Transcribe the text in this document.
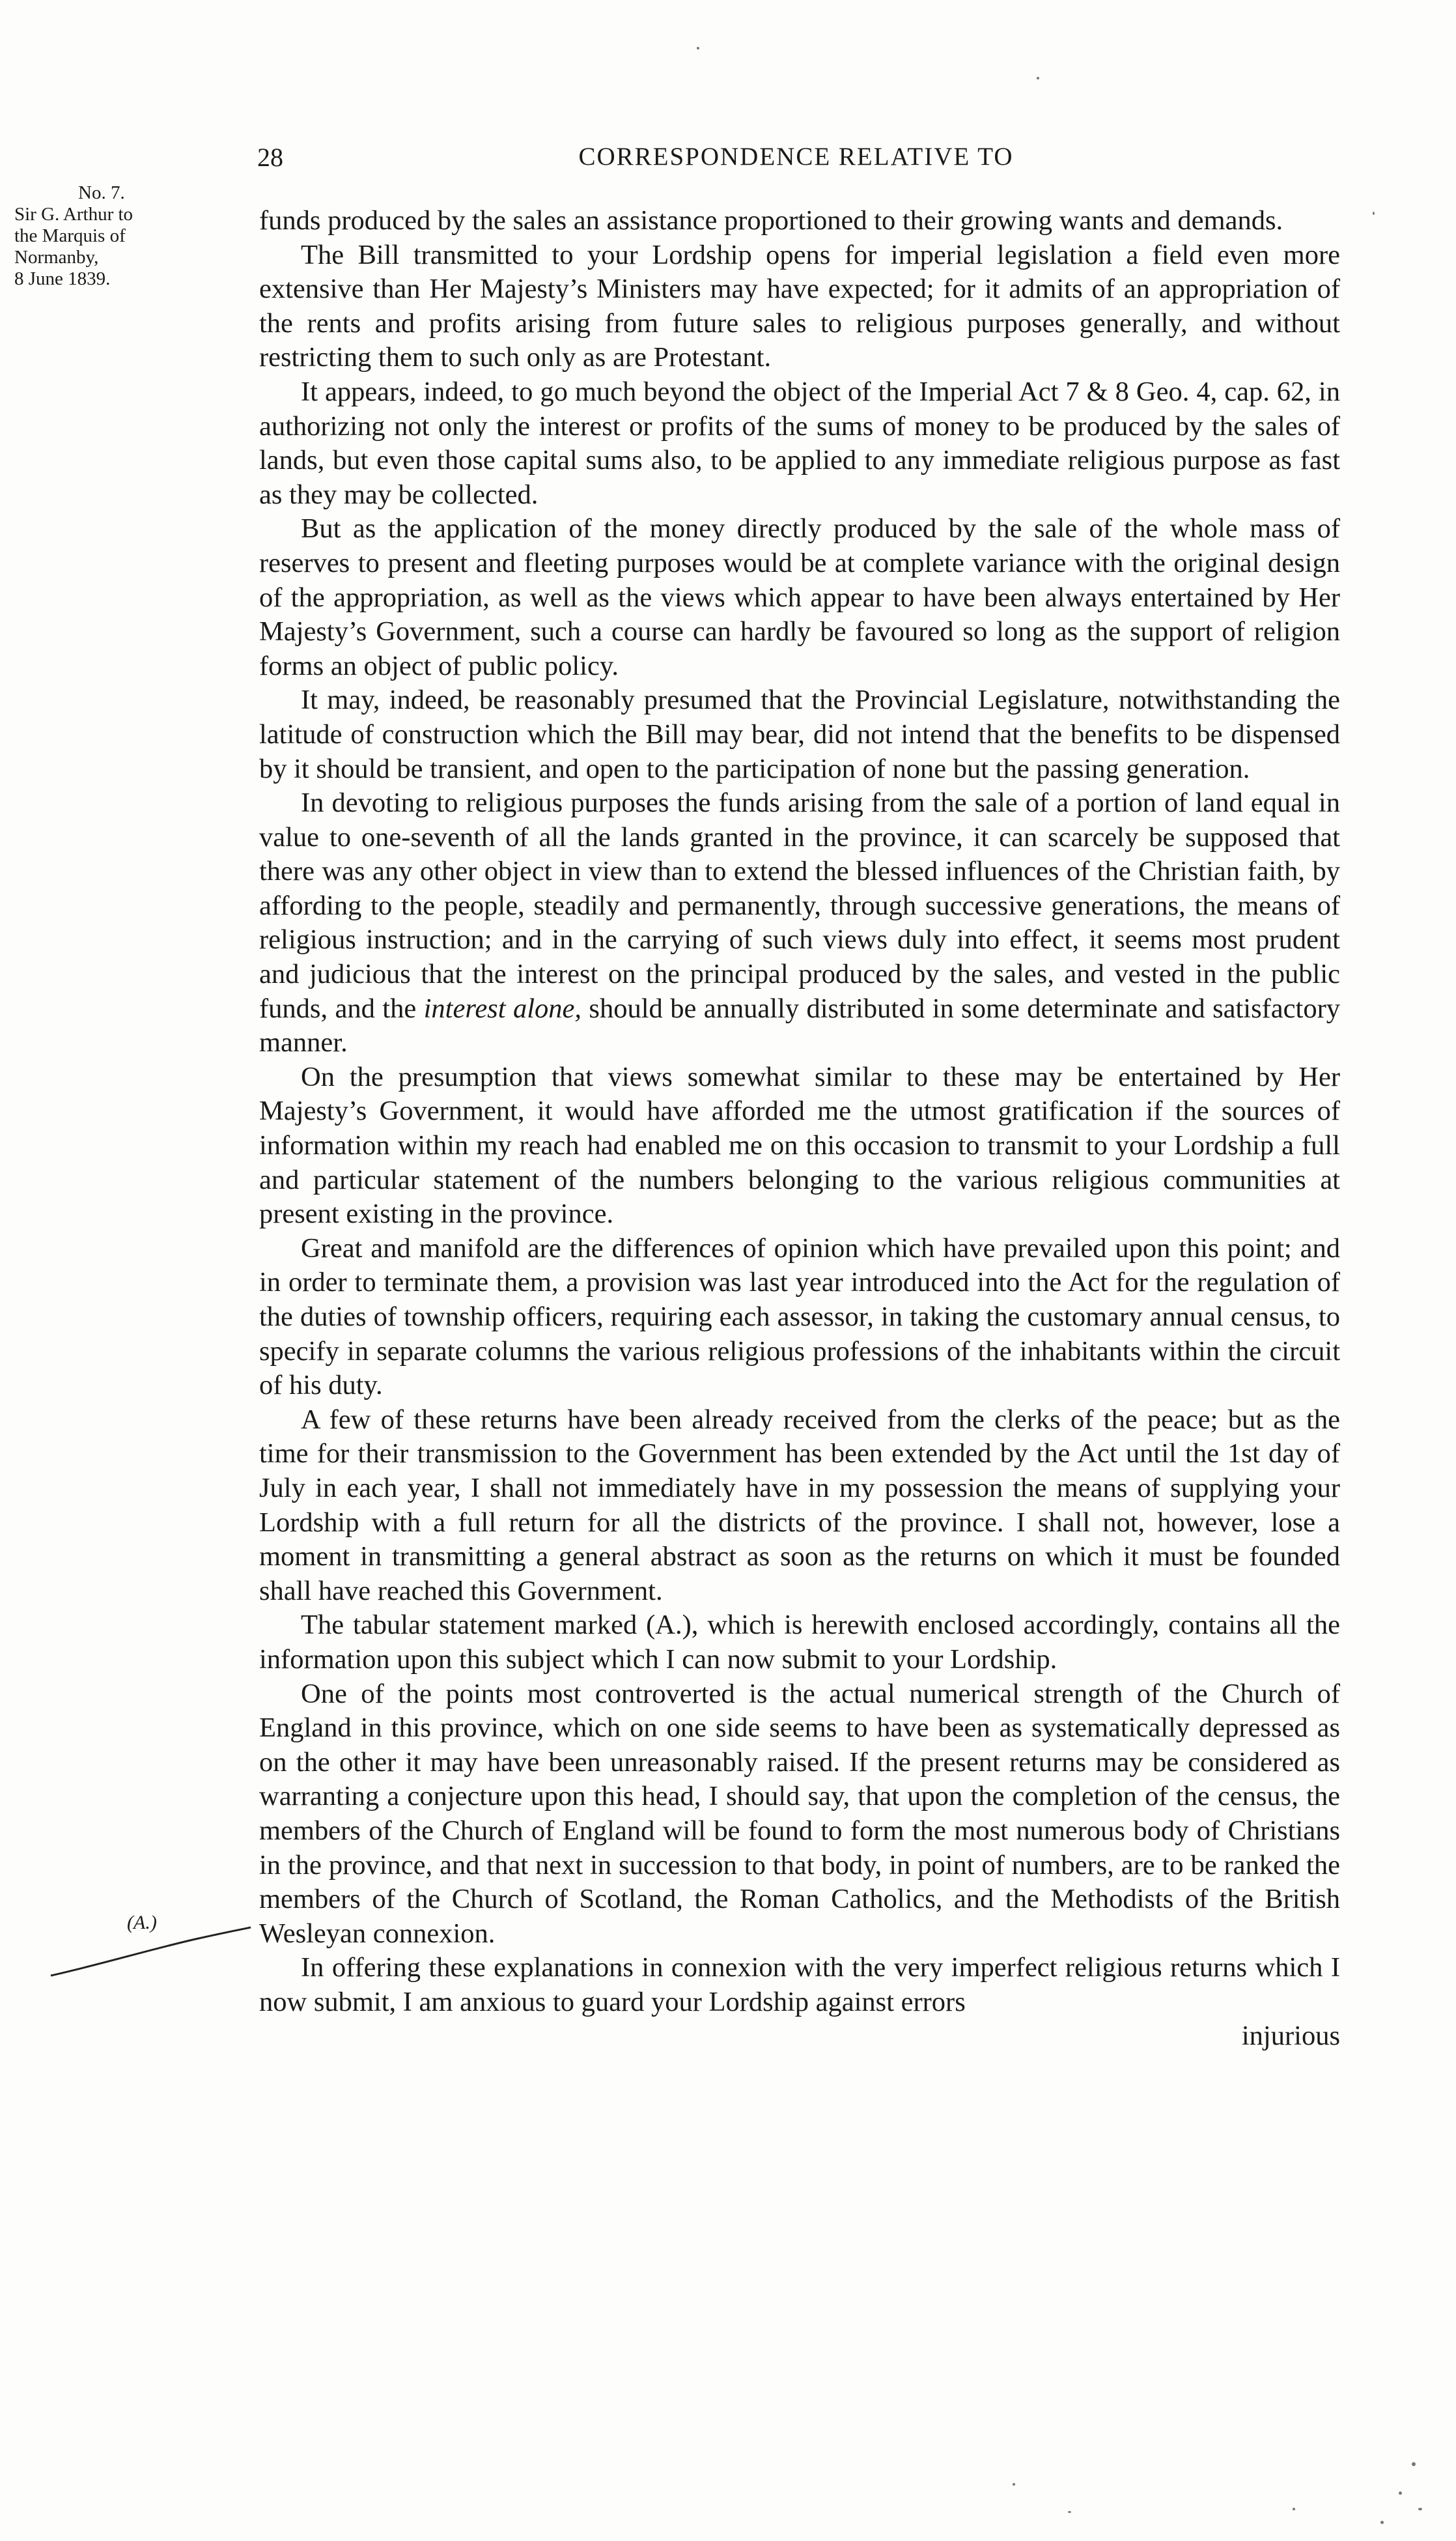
28	CORRESPONDENCE RELATIVE TO
No. 7.
Sir G. Arthur to
the Marquis of
Normanby,
8 June 1839.
(A.)

funds produced by the sales an assistance proportioned to their growing wants and demands.

The Bill transmitted to your Lordship opens for imperial legislation a field even more extensive than Her Majesty’s Ministers may have expected; for it admits of an appropriation of the rents and profits arising from future sales to religious purposes generally, and without restricting them to such only as are Protestant.

It appears, indeed, to go much beyond the object of the Imperial Act 7 & 8 Geo. 4, cap. 62, in authorizing not only the interest or profits of the sums of money to be produced by the sales of lands, but even those capital sums also, to be applied to any immediate religious purpose as fast as they may be collected.

But as the application of the money directly produced by the sale of the whole mass of reserves to present and fleeting purposes would be at complete variance with the original design of the appropriation, as well as the views which appear to have been always entertained by Her Majesty’s Government, such a course can hardly be favoured so long as the support of religion forms an object of public policy.

It may, indeed, be reasonably presumed that the Provincial Legislature, notwithstanding the latitude of construction which the Bill may bear, did not intend that the benefits to be dispensed by it should be transient, and open to the participation of none but the passing generation.

In devoting to religious purposes the funds arising from the sale of a portion of land equal in value to one-seventh of all the lands granted in the province, it can scarcely be supposed that there was any other object in view than to extend the blessed influences of the Christian faith, by affording to the people, steadily and permanently, through successive generations, the means of religious instruction; and in the carrying of such views duly into effect, it seems most prudent and judicious that the interest on the principal produced by the sales, and vested in the public funds, and the interest alone, should be annually distributed in some determinate and satisfactory manner.

On the presumption that views somewhat similar to these may be entertained by Her Majesty’s Government, it would have afforded me the utmost gratification if the sources of information within my reach had enabled me on this occasion to transmit to your Lordship a full and particular statement of the numbers belonging to the various religious communities at present existing in the province.

Great and manifold are the differences of opinion which have prevailed upon this point; and in order to terminate them, a provision was last year introduced into the Act for the regulation of the duties of township officers, requiring each assessor, in taking the customary annual census, to specify in separate columns the various religious professions of the inhabitants within the circuit of his duty.

A few of these returns have been already received from the clerks of the peace; but as the time for their transmission to the Government has been extended by the Act until the 1st day of July in each year, I shall not immediately have in my possession the means of supplying your Lordship with a full return for all the districts of the province. I shall not, however, lose a moment in transmitting a general abstract as soon as the returns on which it must be founded shall have reached this Government.

The tabular statement marked (A.), which is herewith enclosed accordingly, contains all the information upon this subject which I can now submit to your Lordship.

One of the points most controverted is the actual numerical strength of the Church of England in this province, which on one side seems to have been as systematically depressed as on the other it may have been unreasonably raised. If the present returns may be considered as warranting a conjecture upon this head, I should say, that upon the completion of the census, the members of the Church of England will be found to form the most numerous body of Christians in the province, and that next in succession to that body, in point of numbers, are to be ranked the members of the Church of Scotland, the Roman Catholics, and the Methodists of the British Wesleyan connexion.

In offering these explanations in connexion with the very imperfect religious returns which I now submit, I am anxious to guard your Lordship against errors

injurious
